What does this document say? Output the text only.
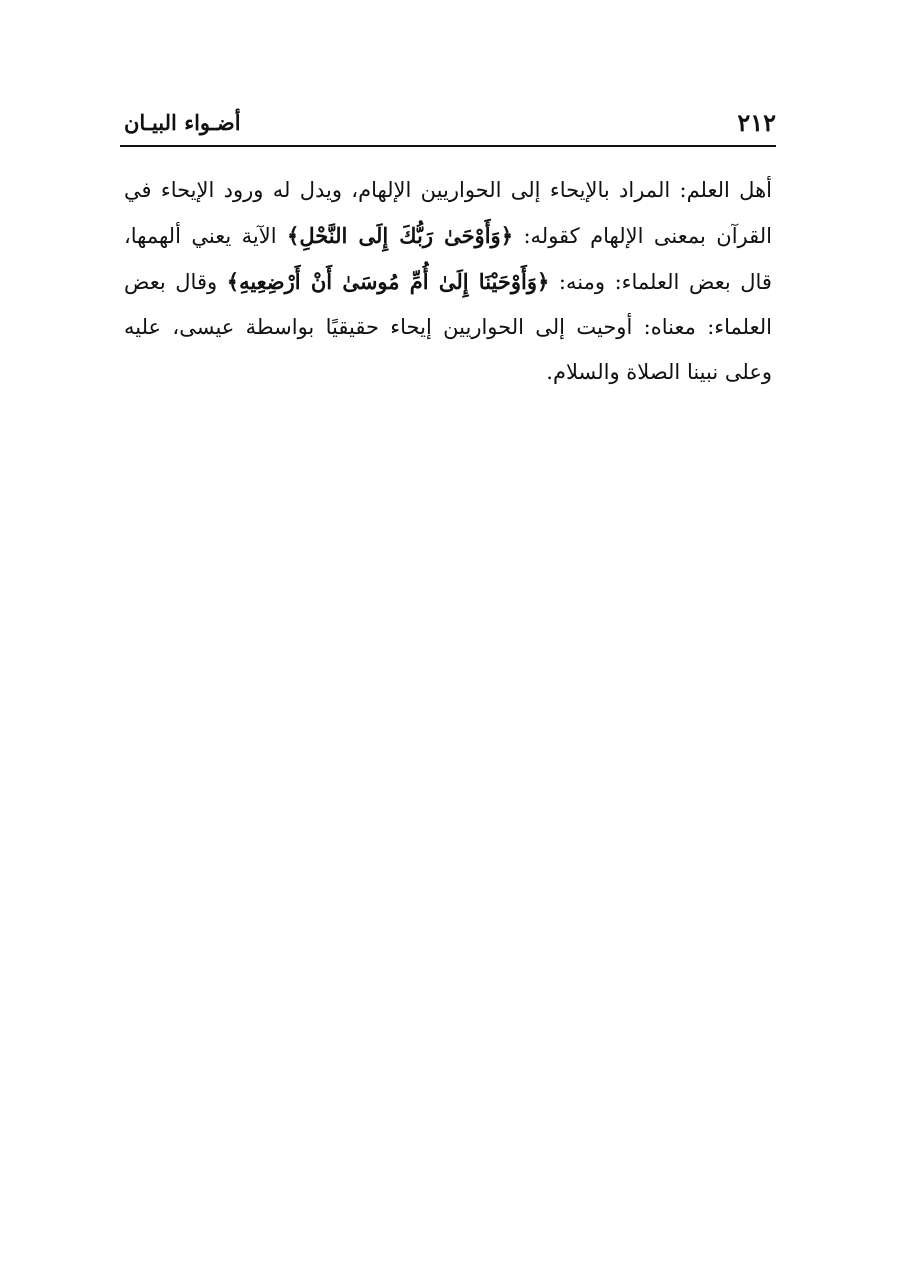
٢١٢
أضـواء البيـان

أهل العلم: المراد بالإيحاء إلى الحواريين الإلهام، ويدل له ورود الإيحاء في القرآن بمعنى الإلهام كقوله: ﴿وَأَوْحَىٰ رَبُّكَ إِلَى النَّحْلِ﴾ الآية يعني ألهمها، قال بعض العلماء: ومنه: ﴿وَأَوْحَيْنَا إِلَىٰ أُمِّ مُوسَىٰ أَنْ أَرْضِعِيهِ﴾ وقال بعض العلماء: معناه: أوحيت إلى الحواريين إيحاء حقيقيًا بواسطة عيسى، عليه وعلى نبينا الصلاة والسلام.
